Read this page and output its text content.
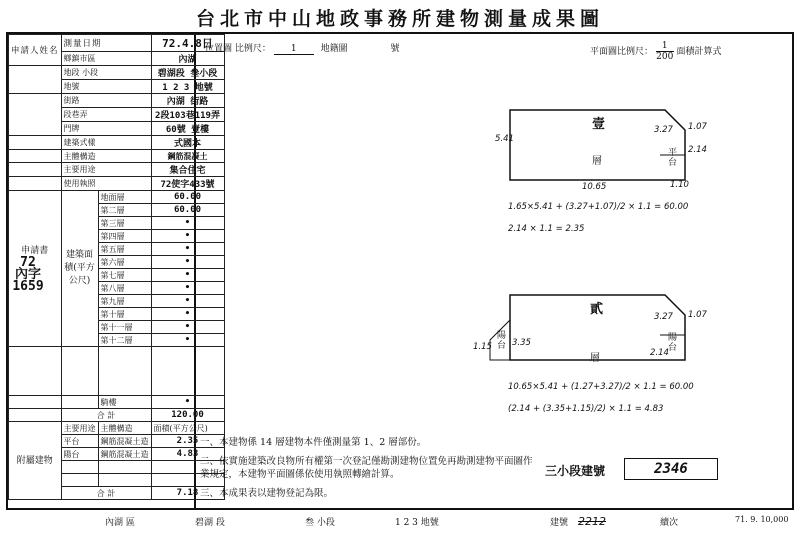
台北市中山地政事務所建物測量成果圖
申請人姓名	測量日期		72.4.8日
	鄉鎮市區		內湖
	地段 小段		碧湖段 叁小段
	地號		1 2 3 地號
	街路		內湖 街路
	段巷弄		2段103巷119弄
	門牌		60號 壹樓
	建築式樣		式國本
	主體構造		鋼筋混凝土
	主要用途		集合住宅
	使用執照		72使字433號

申請書
72 內字 1659	建築面積(平方公尺)	地面層	60.00
		第二層	60.00
		第三層	•
		第四層	•
		第五層	•
		第六層	•
		第七層	•
		第八層	•
		第九層	•
		第十層	•
		第十一層	•
		第十二層	•

		騎樓	•
	合 計		120.00
附屬建物	主要用途	主體構造	面積(平方公尺)
	平台	鋼筋混凝土造	2.35
	陽台	鋼筋混凝土造	4.83

	合 計		7.18
位置圖 比例尺： 1	地籍圖	號	平面圖比例尺： $\frac{1}{200}$ 面積計算式
壹
層
平台
5.41
10.65
3.27 1.07
2.14
1.10
1.65×5.41 + (3.27+1.07)/2 × 1.1 = 60.00
2.14 × 1.1 = 2.35
貳
層
陽台
陽台
1.15 3.35
3.27 1.07
2.14
10.65×5.41 + (1.27+3.27)/2 × 1.1 = 60.00
(2.14 + (3.35+1.15)/2) × 1.1 = 4.83
一、本建物係 14 層建物本件僅測量第 1、2 層部份。
二、依實施建築改良物所有權第一次登記僅勘測建物位置免再勘測建物平面圖作業規定，本建物平面圖係依使用執照轉繪計算。
三、本成果表以建物登記為限。
三小段建號	2346
內湖 區	碧湖 段	叁 小段	1 2 3 地號	建號 2212	續次	71. 9. 10,000
